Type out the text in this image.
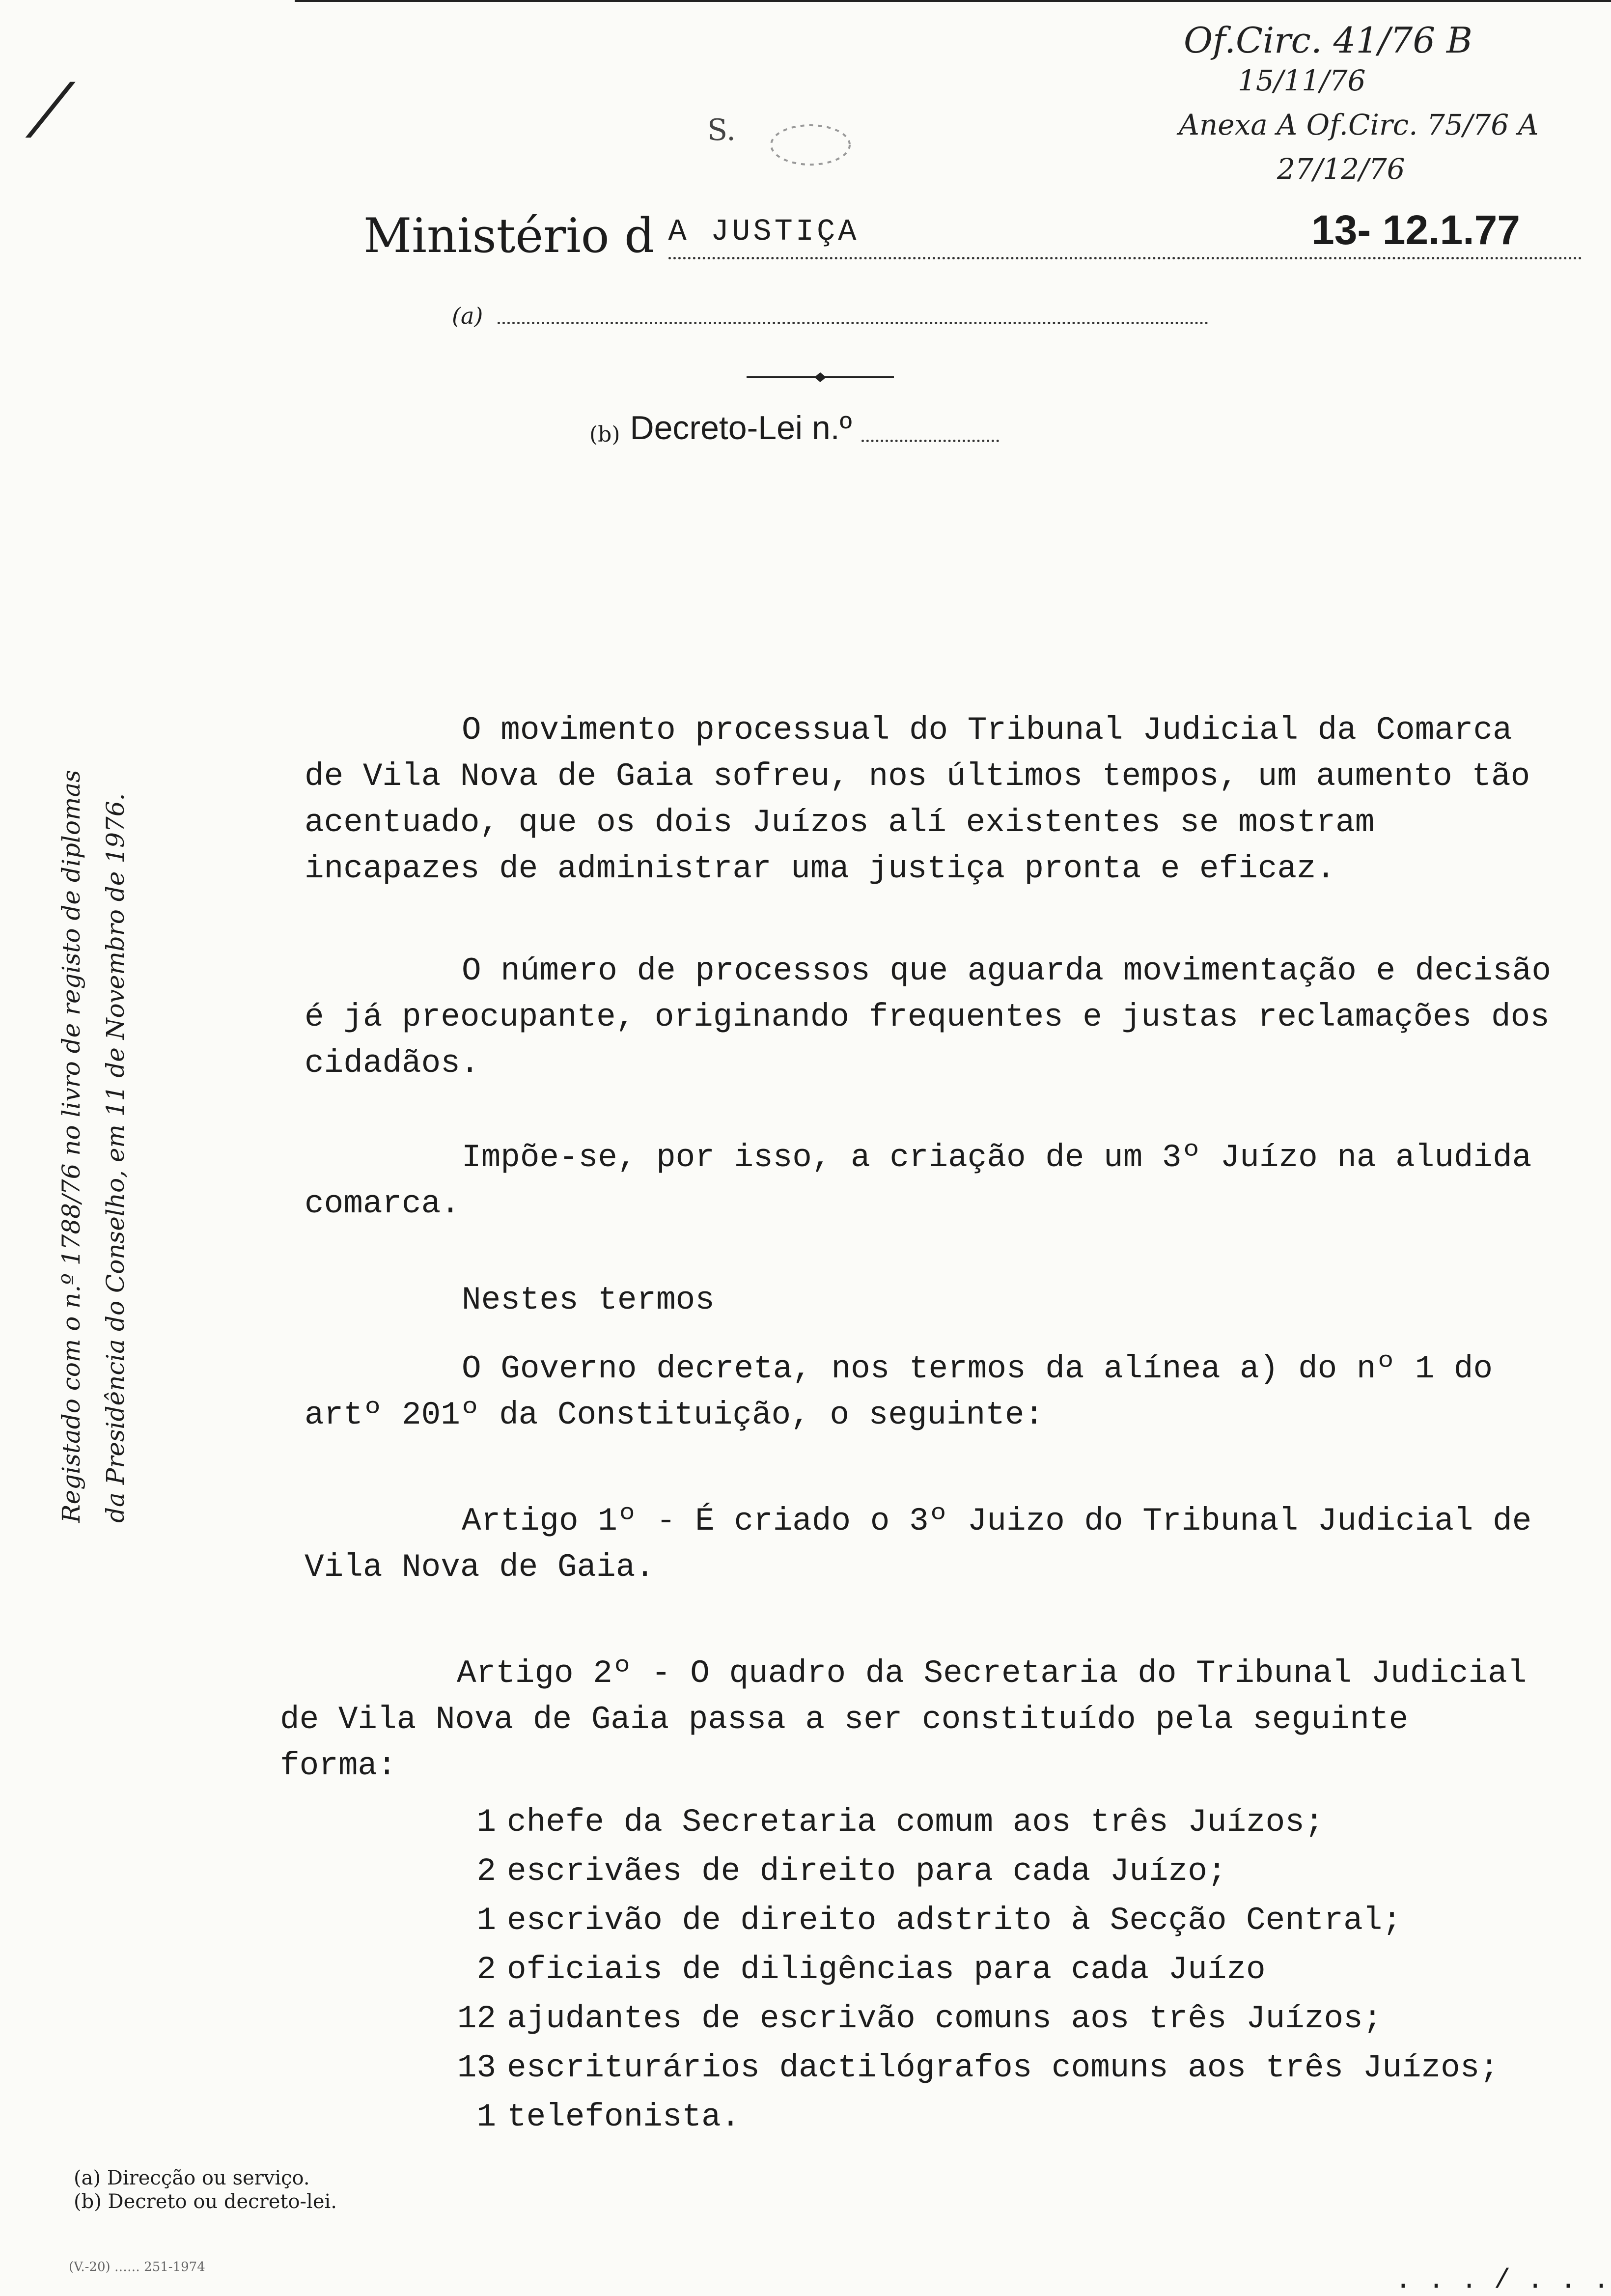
⁄	S.
Of.Circ. 41/76 B
15/11/76
Anexa A Of.Circ. 75/76 A
27/12/76
Ministério d A JUSTIÇA	13- 12.1.77
(a)
(b) Decreto-Lei n.º
Registado com o n.º 1788/76 no livro de registo de diplomas da Presidência do Conselho, em 11 de Novembro de 1976.
O movimento processual do Tribunal Judicial da Comarca de Vila Nova de Gaia sofreu, nos últimos tempos, um aumento tão acentuado, que os dois Juízos alí existentes se mostram incapazes de administrar uma justiça pronta e eficaz.
O número de processos que aguarda movimentação e decisão é já preocupante, originando frequentes e justas reclamações dos cidadãos.
Impõe-se, por isso, a criação de um 3º Juízo na aludida comarca.
Nestes termos
O Governo decreta, nos termos da alínea a) do nº 1 do artº 201º da Constituição, o seguinte:
Artigo 1º - É criado o 3º Juizo do Tribunal Judicial de Vila Nova de Gaia.
Artigo 2º - O quadro da Secretaria do Tribunal Judicial de Vila Nova de Gaia passa a ser constituído pela seguinte forma:
1 chefe da Secretaria comum aos três Juízos;
2 escrivães de direito para cada Juízo;
1 escrivão de direito adstrito à Secção Central;
2 oficiais de diligências para cada Juízo
12 ajudantes de escrivão comuns aos três Juízos;
13 escriturários dactilógrafos comuns aos três Juízos;
1 telefonista.
(a) Direcção ou serviço.
(b) Decreto ou decreto-lei.
(V.-20) …… 251-1974	. . . / . . .
